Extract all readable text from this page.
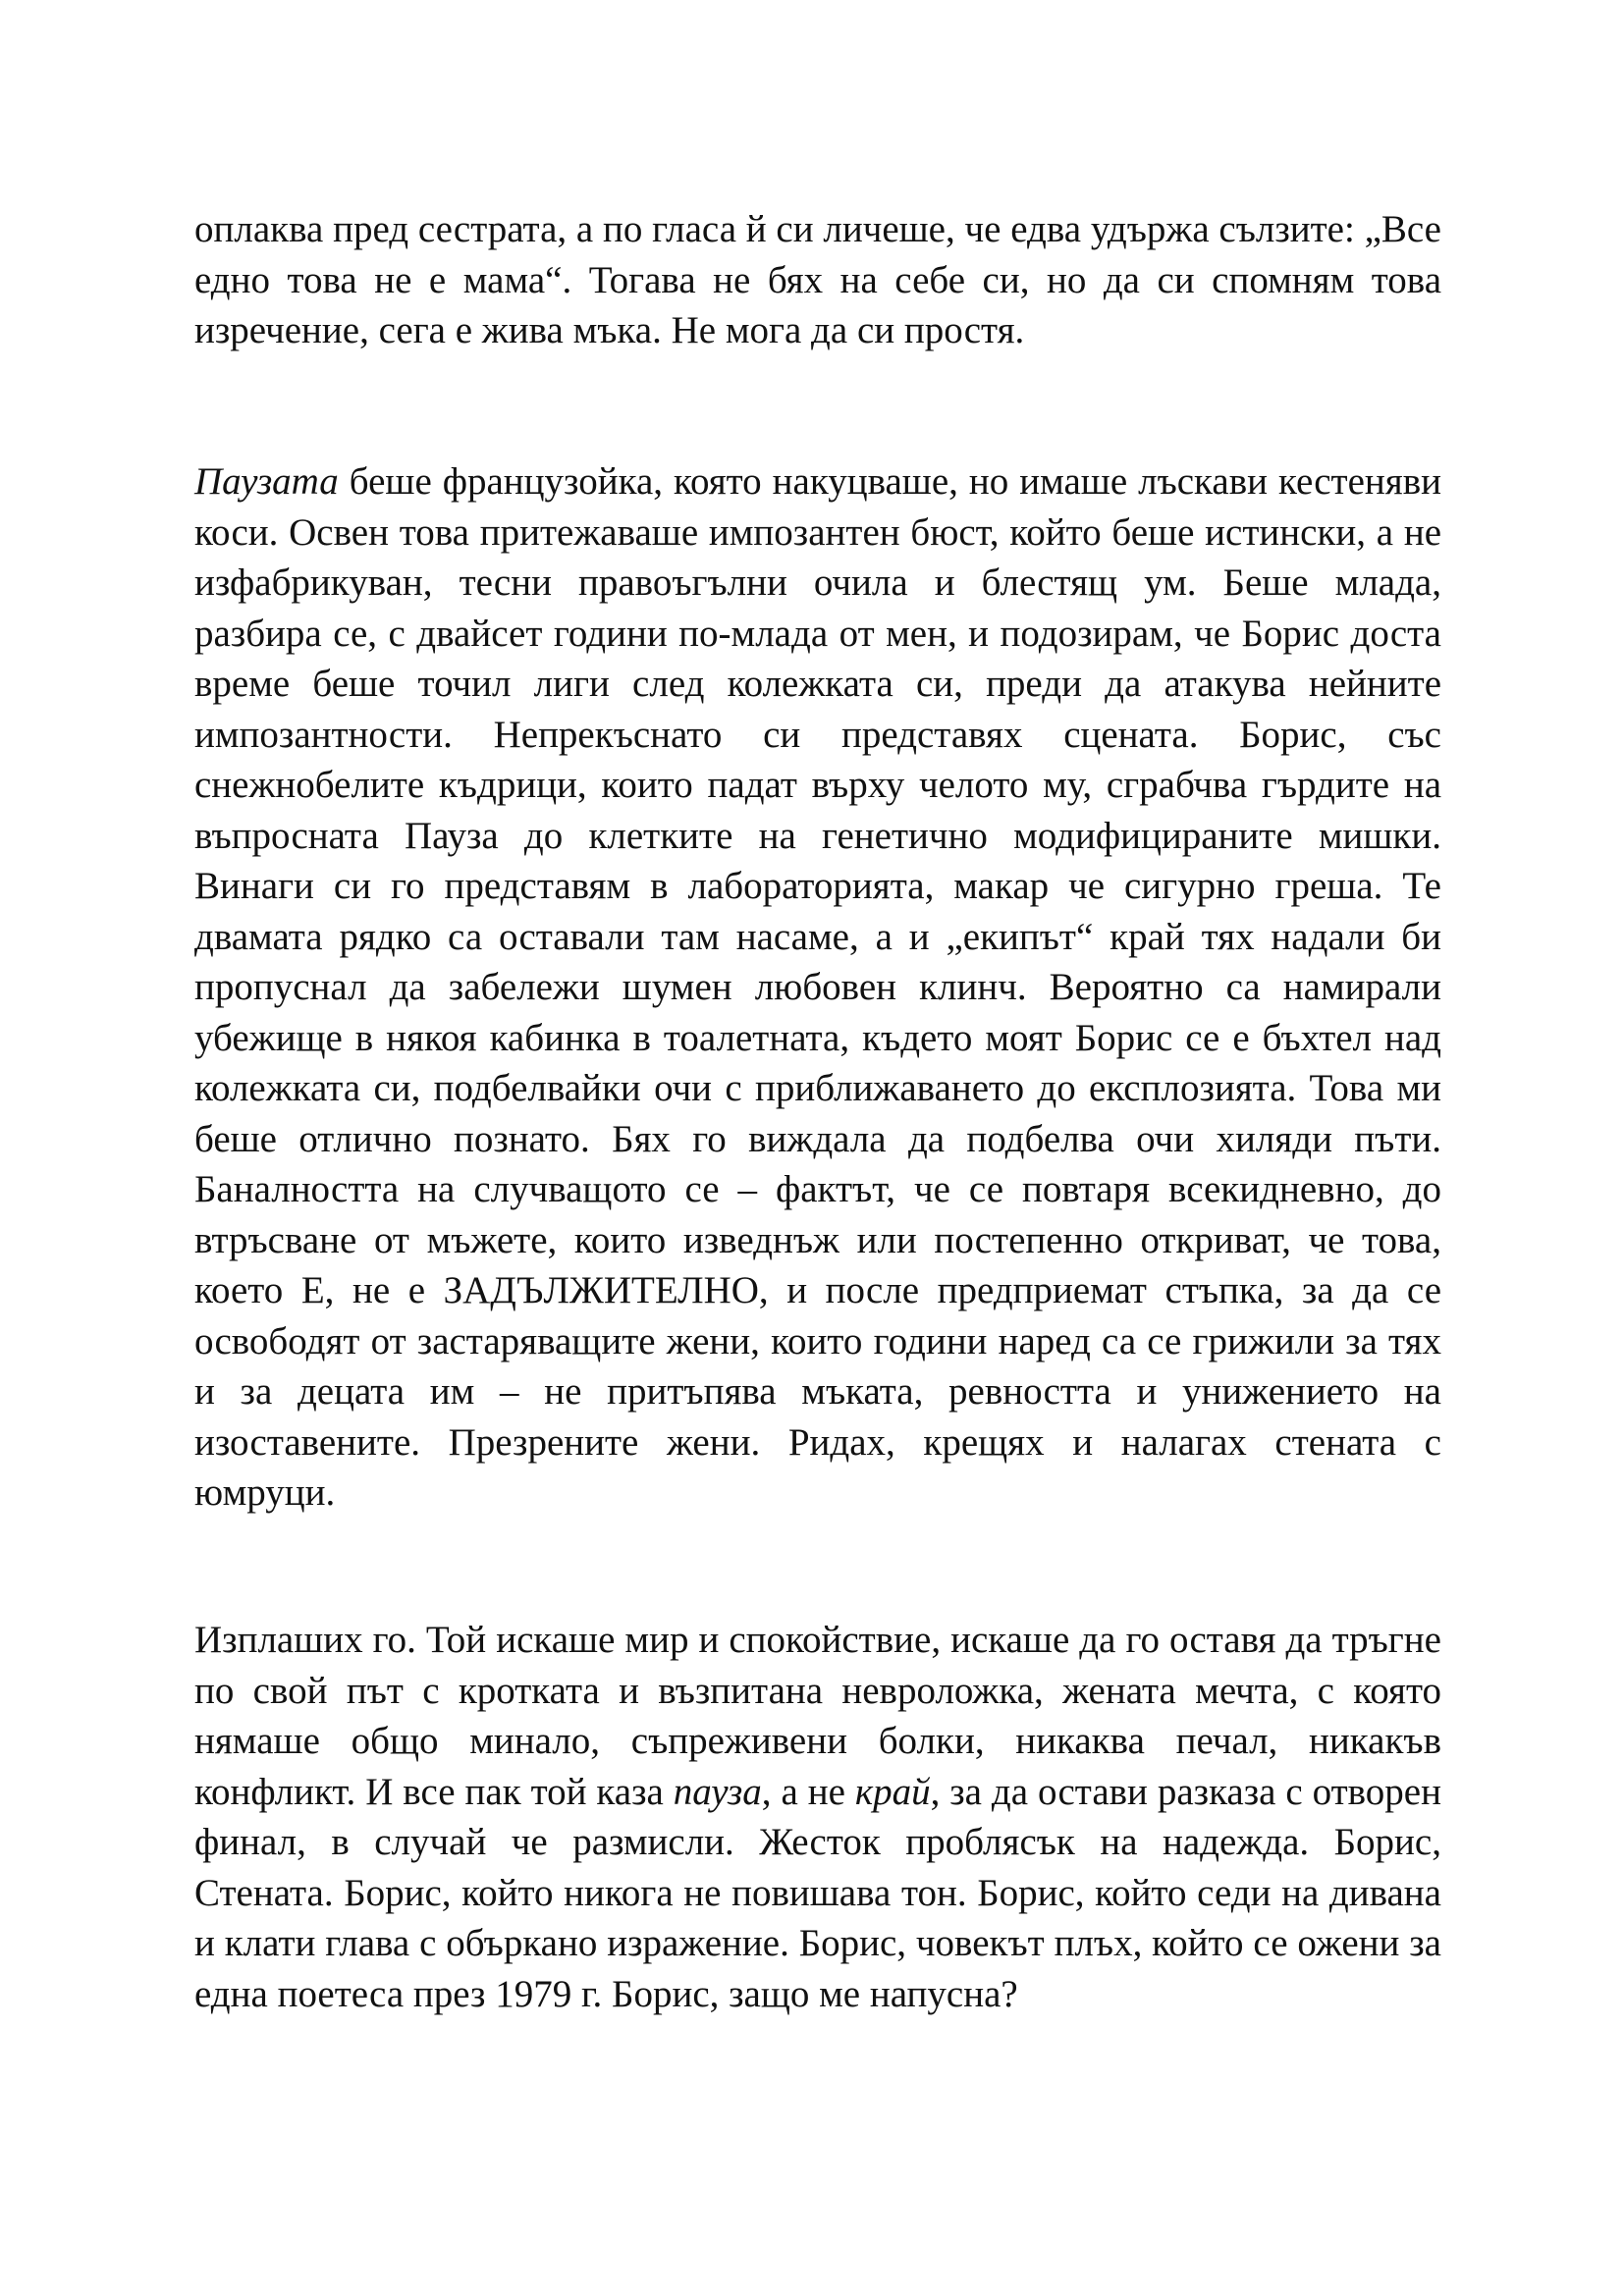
оплаква пред сестрата, а по гласа й си личеше, че едва удържа сълзите: „Все едно това не е мама“. Тогава не бях на себе си, но да си спомням това изречение, сега е жива мъка. Не мога да си простя.

Паузата беше французойка, която накуцваше, но имаше лъскави кестеняви коси. Освен това притежаваше импозантен бюст, който беше истински, а не изфабрикуван, тесни правоъгълни очила и блестящ ум. Беше млада, разбира се, с двайсет години по-млада от мен, и подозирам, че Борис доста време беше точил лиги след колежката си, преди да атакува нейните импозантности. Непрекъснато си представях сцената. Борис, със снежнобелите къдрици, които падат върху челото му, сграбчва гърдите на въпросната Пауза до клетките на генетично модифицираните мишки. Винаги си го представям в лабораторията, макар че сигурно греша. Те двамата рядко са оставали там насаме, а и „екипът“ край тях надали би пропуснал да забележи шумен любовен клинч. Вероятно са намирали убежище в някоя кабинка в тоалетната, където моят Борис се е бъхтел над колежката си, подбелвайки очи с приближаването до експлозията. Това ми беше отлично познато. Бях го виждала да подбелва очи хиляди пъти. Баналността на случващото се – фактът, че се повтаря всекидневно, до втръсване от мъжете, които изведнъж или постепенно откриват, че това, което Е, не е ЗАДЪЛЖИТЕЛНО, и после предприемат стъпка, за да се освободят от застаряващите жени, които години наред са се грижили за тях и за децата им – не притъпява мъката, ревността и унижението на изоставените. Презрените жени. Ридах, крещях и налагах стената с юмруци.

Изплаших го. Той искаше мир и спокойствие, искаше да го оставя да тръгне по свой път с кротката и възпитана невроложка, жената мечта, с която нямаше общо минало, съпреживени болки, никаква печал, никакъв конфликт. И все пак той каза пауза, а не край, за да остави разказа с отворен финал, в случай че размисли. Жесток проблясък на надежда. Борис, Стената. Борис, който никога не повишава тон. Борис, който седи на дивана и клати глава с объркано изражение. Борис, човекът плъх, който се ожени за една поетеса през 1979 г. Борис, защо ме напусна?
